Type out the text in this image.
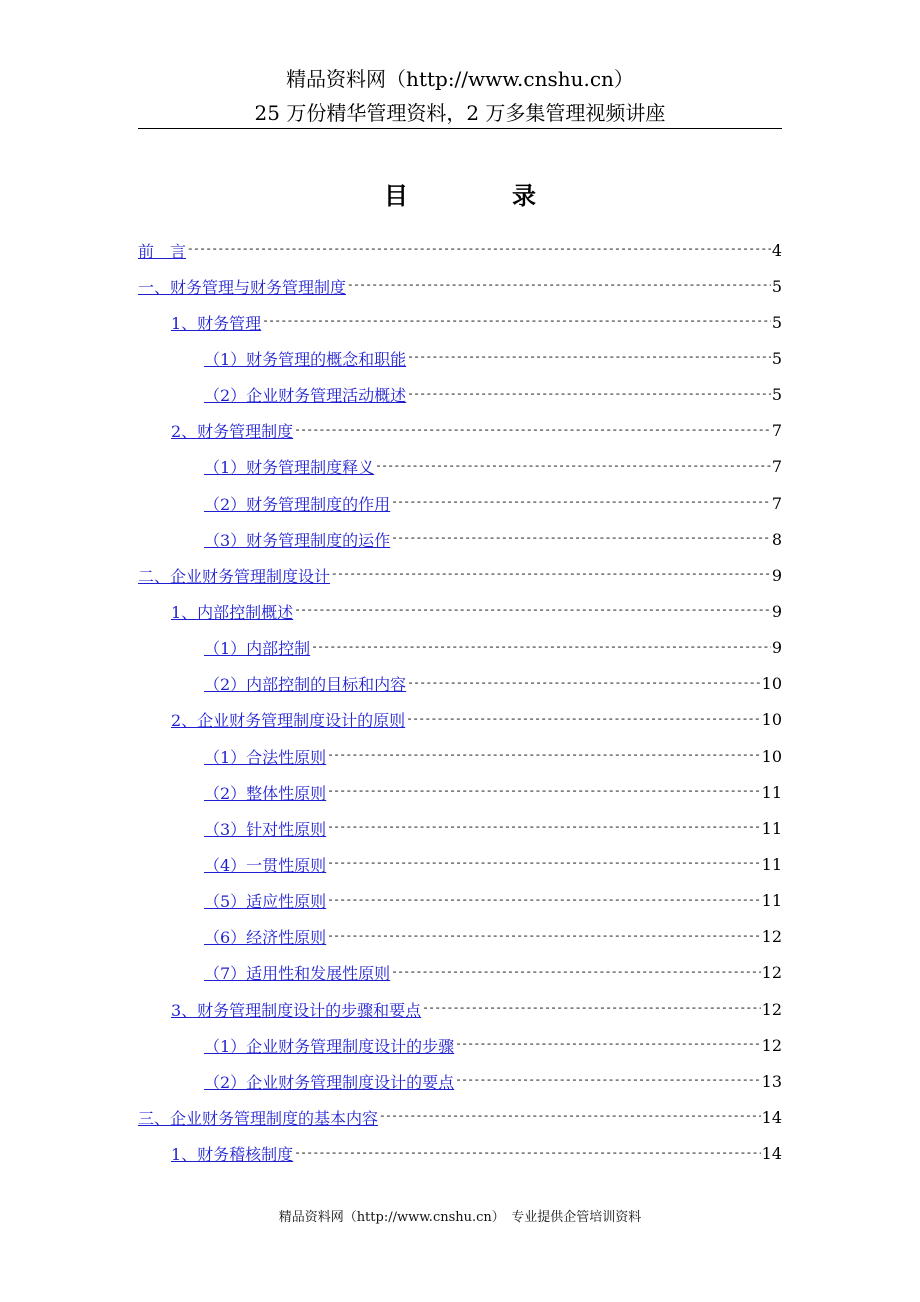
精品资料网（http://www.cnshu.cn）
25 万份精华管理资料，2 万多集管理视频讲座
目　录
前　言 -----	4
一、财务管理与财务管理制度 -----	5
1、财务管理 -----	5
（1）财务管理的概念和职能 -----	5
（2）企业财务管理活动概述 -----	5
2、财务管理制度 -----	7
（1）财务管理制度释义 -----	7
（2）财务管理制度的作用 -----	7
（3）财务管理制度的运作 -----	8
二、企业财务管理制度设计 -----	9
1、内部控制概述 -----	9
（1）内部控制 -----	9
（2）内部控制的目标和内容 -----	10
2、企业财务管理制度设计的原则 -----	10
（1）合法性原则 -----	10
（2）整体性原则 -----	11
（3）针对性原则 -----	11
（4）一贯性原则 -----	11
（5）适应性原则 -----	11
（6）经济性原则 -----	12
（7）适用性和发展性原则 -----	12
3、财务管理制度设计的步骤和要点 -----	12
（1）企业财务管理制度设计的步骤 -----	12
（2）企业财务管理制度设计的要点 -----	13
三、企业财务管理制度的基本内容 -----	14
1、财务稽核制度 -----	14
精品资料网（http://www.cnshu.cn）　专业提供企管培训资料
